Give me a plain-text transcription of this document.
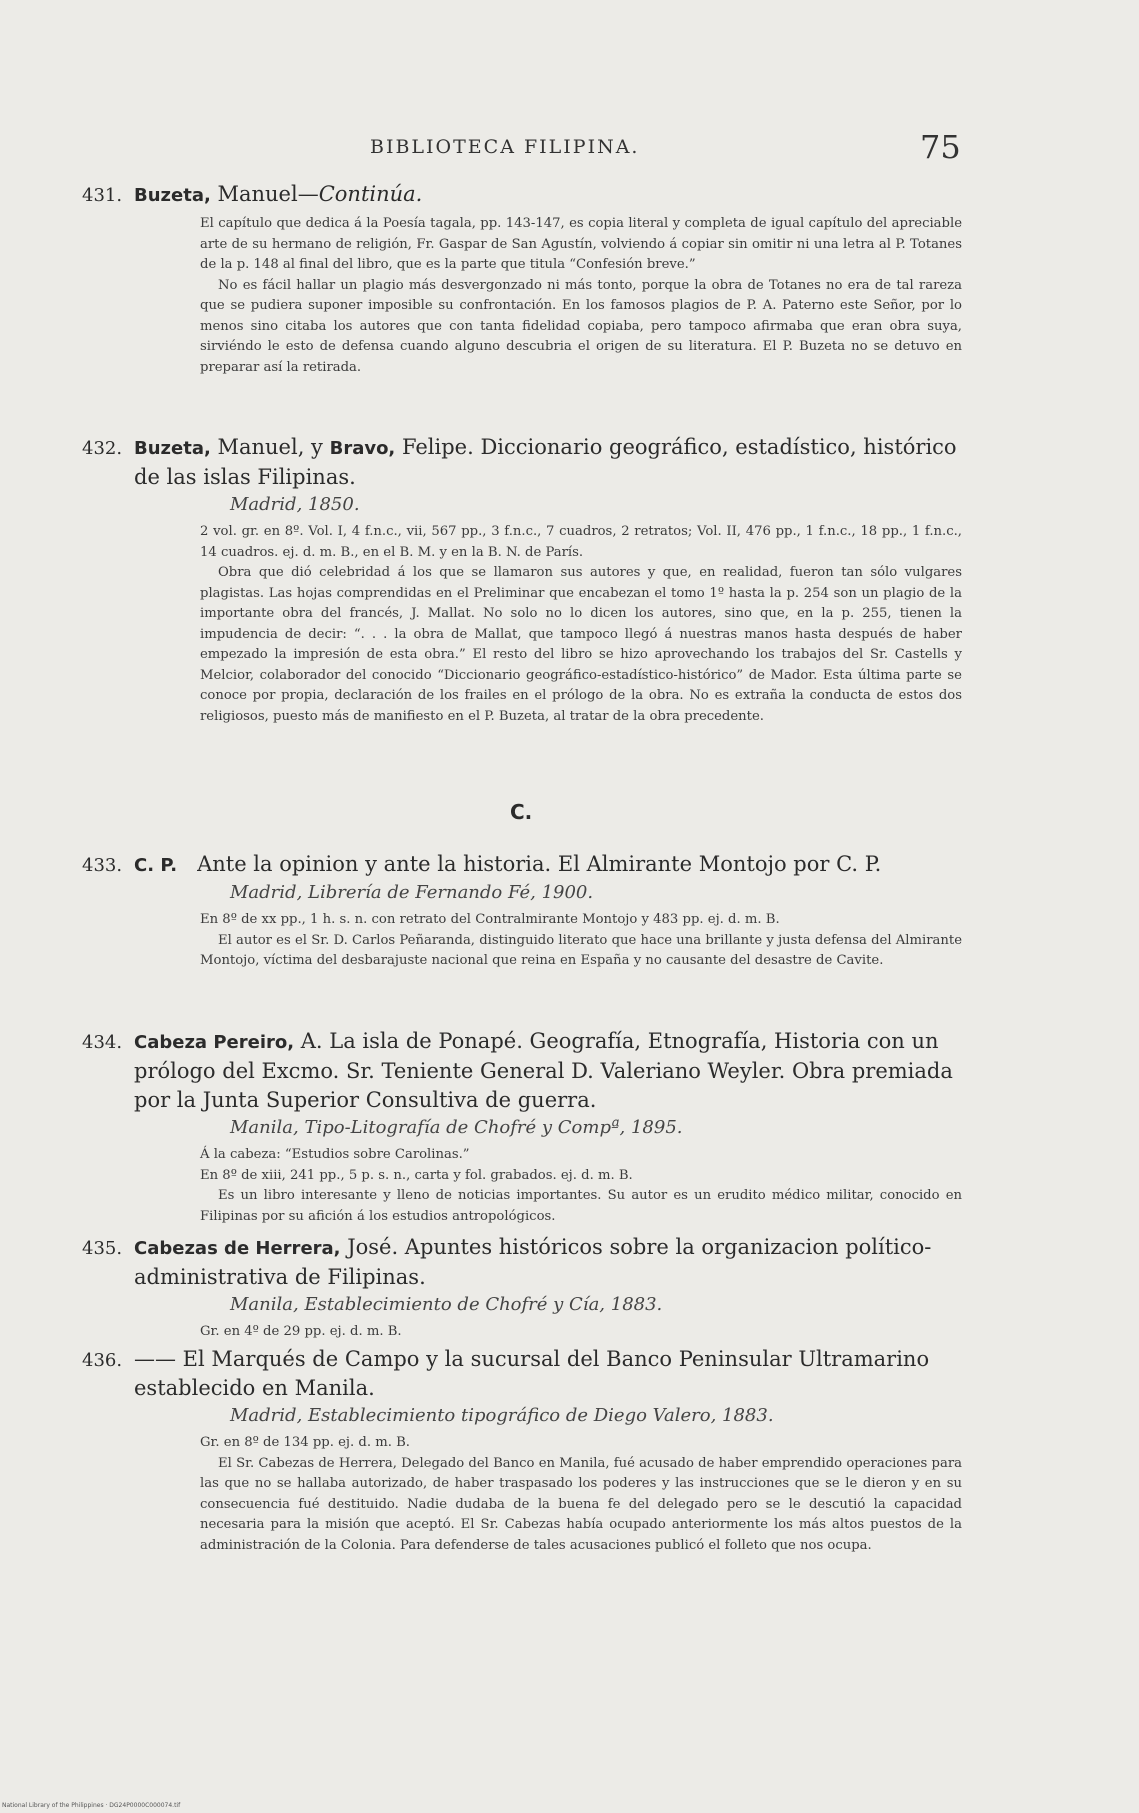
BIBLIOTECA FILIPINA.	75
431. Buzeta, Manuel—Continúa.

El capítulo que dedica á la Poesía tagala, pp. 143-147, es copia literal y completa de igual capítulo del apreciable arte de su hermano de religión, Fr. Gaspar de San Agustín, volviendo á copiar sin omitir ni una letra al P. Totanes de la p. 148 al final del libro, que es la parte que titula “Confesión breve.”

No es fácil hallar un plagio más desvergonzado ni más tonto, porque la obra de Totanes no era de tal rareza que se pudiera suponer imposible su confrontación. En los famosos plagios de P. A. Paterno este Señor, por lo menos sino citaba los autores que con tanta fidelidad copiaba, pero tampoco afirmaba que eran obra suya, sirviéndo le esto de defensa cuando alguno descubria el origen de su literatura. El P. Buzeta no se detuvo en preparar así la retirada.

432. Buzeta, Manuel, y Bravo, Felipe. Diccionario geográfico, estadístico, histórico de las islas Filipinas.
Madrid, 1850.

2 vol. gr. en 8º. Vol. I, 4 f.n.c., vii, 567 pp., 3 f.n.c., 7 cuadros, 2 retratos; Vol. II, 476 pp., 1 f.n.c., 18 pp., 1 f.n.c., 14 cuadros. ej. d. m. B., en el B. M. y en la B. N. de París.

Obra que dió celebridad á los que se llamaron sus autores y que, en realidad, fueron tan sólo vulgares plagistas. Las hojas comprendidas en el Preliminar que encabezan el tomo 1º hasta la p. 254 son un plagio de la importante obra del francés, J. Mallat. No solo no lo dicen los autores, sino que, en la p. 255, tienen la impudencia de decir: “. . . la obra de Mallat, que tampoco llegó á nuestras manos hasta después de haber empezado la impresión de esta obra.” El resto del libro se hizo aprovechando los trabajos del Sr. Castells y Melcior, colaborador del conocido “Diccionario geográfico-estadístico-histórico” de Mador. Esta última parte se conoce por propia, declaración de los frailes en el prólogo de la obra. No es extraña la conducta de estos dos religiosos, puesto más de manifiesto en el P. Buzeta, al tratar de la obra precedente.

C.
433. C. P.   Ante la opinion y ante la historia. El Almirante Montojo por C. P.
Madrid, Librería de Fernando Fé, 1900.

En 8º de xx pp., 1 h. s. n. con retrato del Contralmirante Montojo y 483 pp. ej. d. m. B.

El autor es el Sr. D. Carlos Peñaranda, distinguido literato que hace una brillante y justa defensa del Almirante Montojo, víctima del desbarajuste nacional que reina en España y no causante del desastre de Cavite.

434. Cabeza Pereiro, A. La isla de Ponapé. Geografía, Etnografía, Historia con un prólogo del Excmo. Sr. Teniente General D. Valeriano Weyler. Obra premiada por la Junta Superior Consultiva de guerra.
Manila, Tipo-Litografía de Chofré y Compª, 1895.

Á la cabeza: “Estudios sobre Carolinas.”

En 8º de xiii, 241 pp., 5 p. s. n., carta y fol. grabados. ej. d. m. B.

Es un libro interesante y lleno de noticias importantes. Su autor es un erudito médico militar, conocido en Filipinas por su afición á los estudios antropológicos.

435. Cabezas de Herrera, José. Apuntes históricos sobre la organizacion político-administrativa de Filipinas.
Manila, Establecimiento de Chofré y Cía, 1883.

Gr. en 4º de 29 pp. ej. d. m. B.

436. —— El Marqués de Campo y la sucursal del Banco Peninsular Ultramarino establecido en Manila.
Madrid, Establecimiento tipográfico de Diego Valero, 1883.

Gr. en 8º de 134 pp. ej. d. m. B.

El Sr. Cabezas de Herrera, Delegado del Banco en Manila, fué acusado de haber emprendido operaciones para las que no se hallaba autorizado, de haber traspasado los poderes y las instrucciones que se le dieron y en su consecuencia fué destituido. Nadie dudaba de la buena fe del delegado pero se le descutió la capacidad necesaria para la misión que aceptó. El Sr. Cabezas había ocupado anteriormente los más altos puestos de la administración de la Colonia. Para defenderse de tales acusaciones publicó el folleto que nos ocupa.

National Library of the Philippines · DG24P0000C000074.tif
